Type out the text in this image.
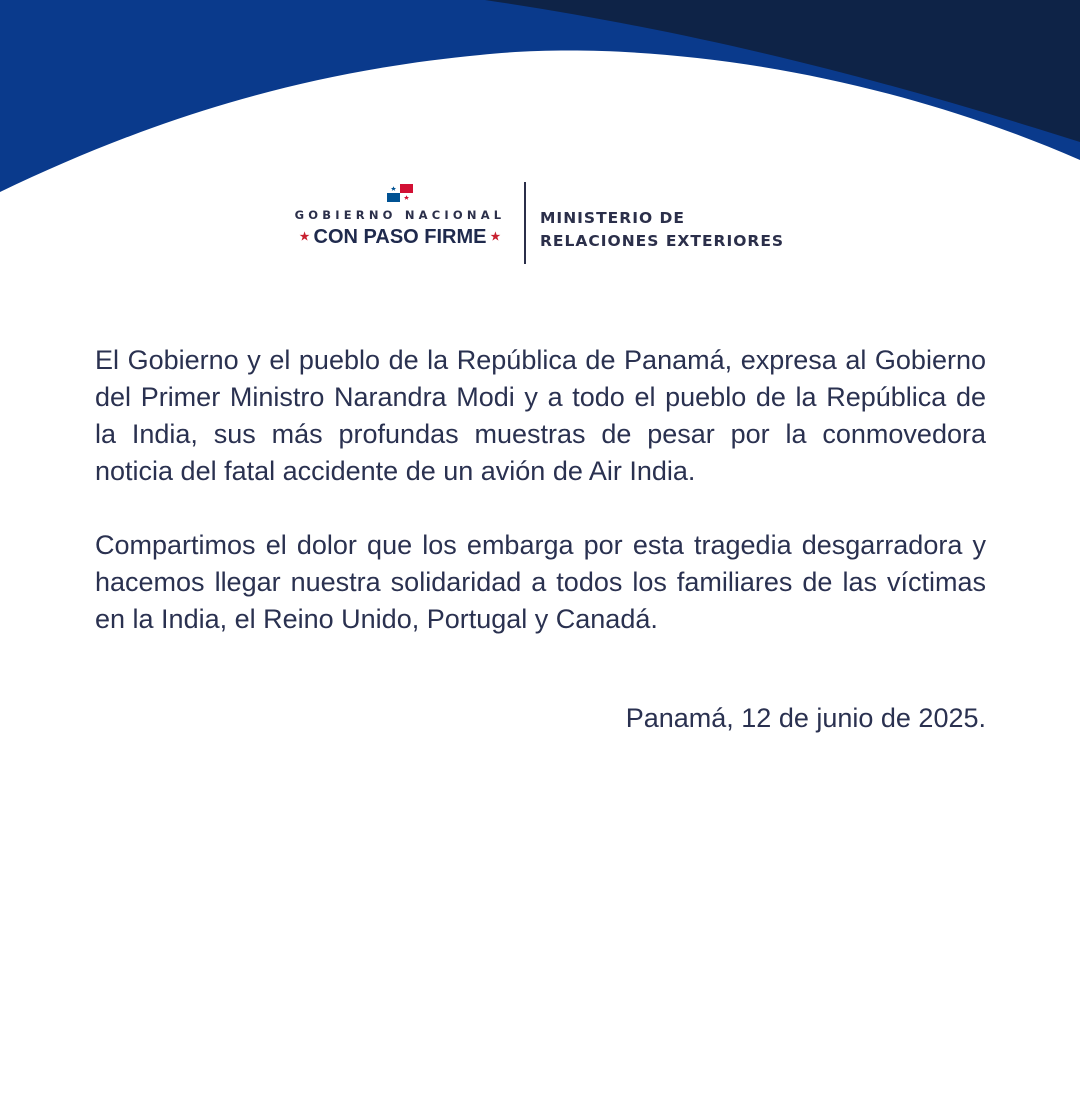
GOBIERNO NACIONAL
★ CON PASO FIRME ★
MINISTERIO DE
RELACIONES EXTERIORES

El Gobierno y el pueblo de la República de Panamá, expresa al Gobierno del Primer Ministro Narandra Modi y a todo el pueblo de la República de la India, sus más profundas muestras de pesar por la conmovedora noticia del fatal accidente de un avión de Air India.

Compartimos el dolor que los embarga por esta tragedia desgarradora y hacemos llegar nuestra solidaridad a todos los familiares de las víctimas en la India, el Reino Unido, Portugal y Canadá.

Panamá, 12 de junio de 2025.
